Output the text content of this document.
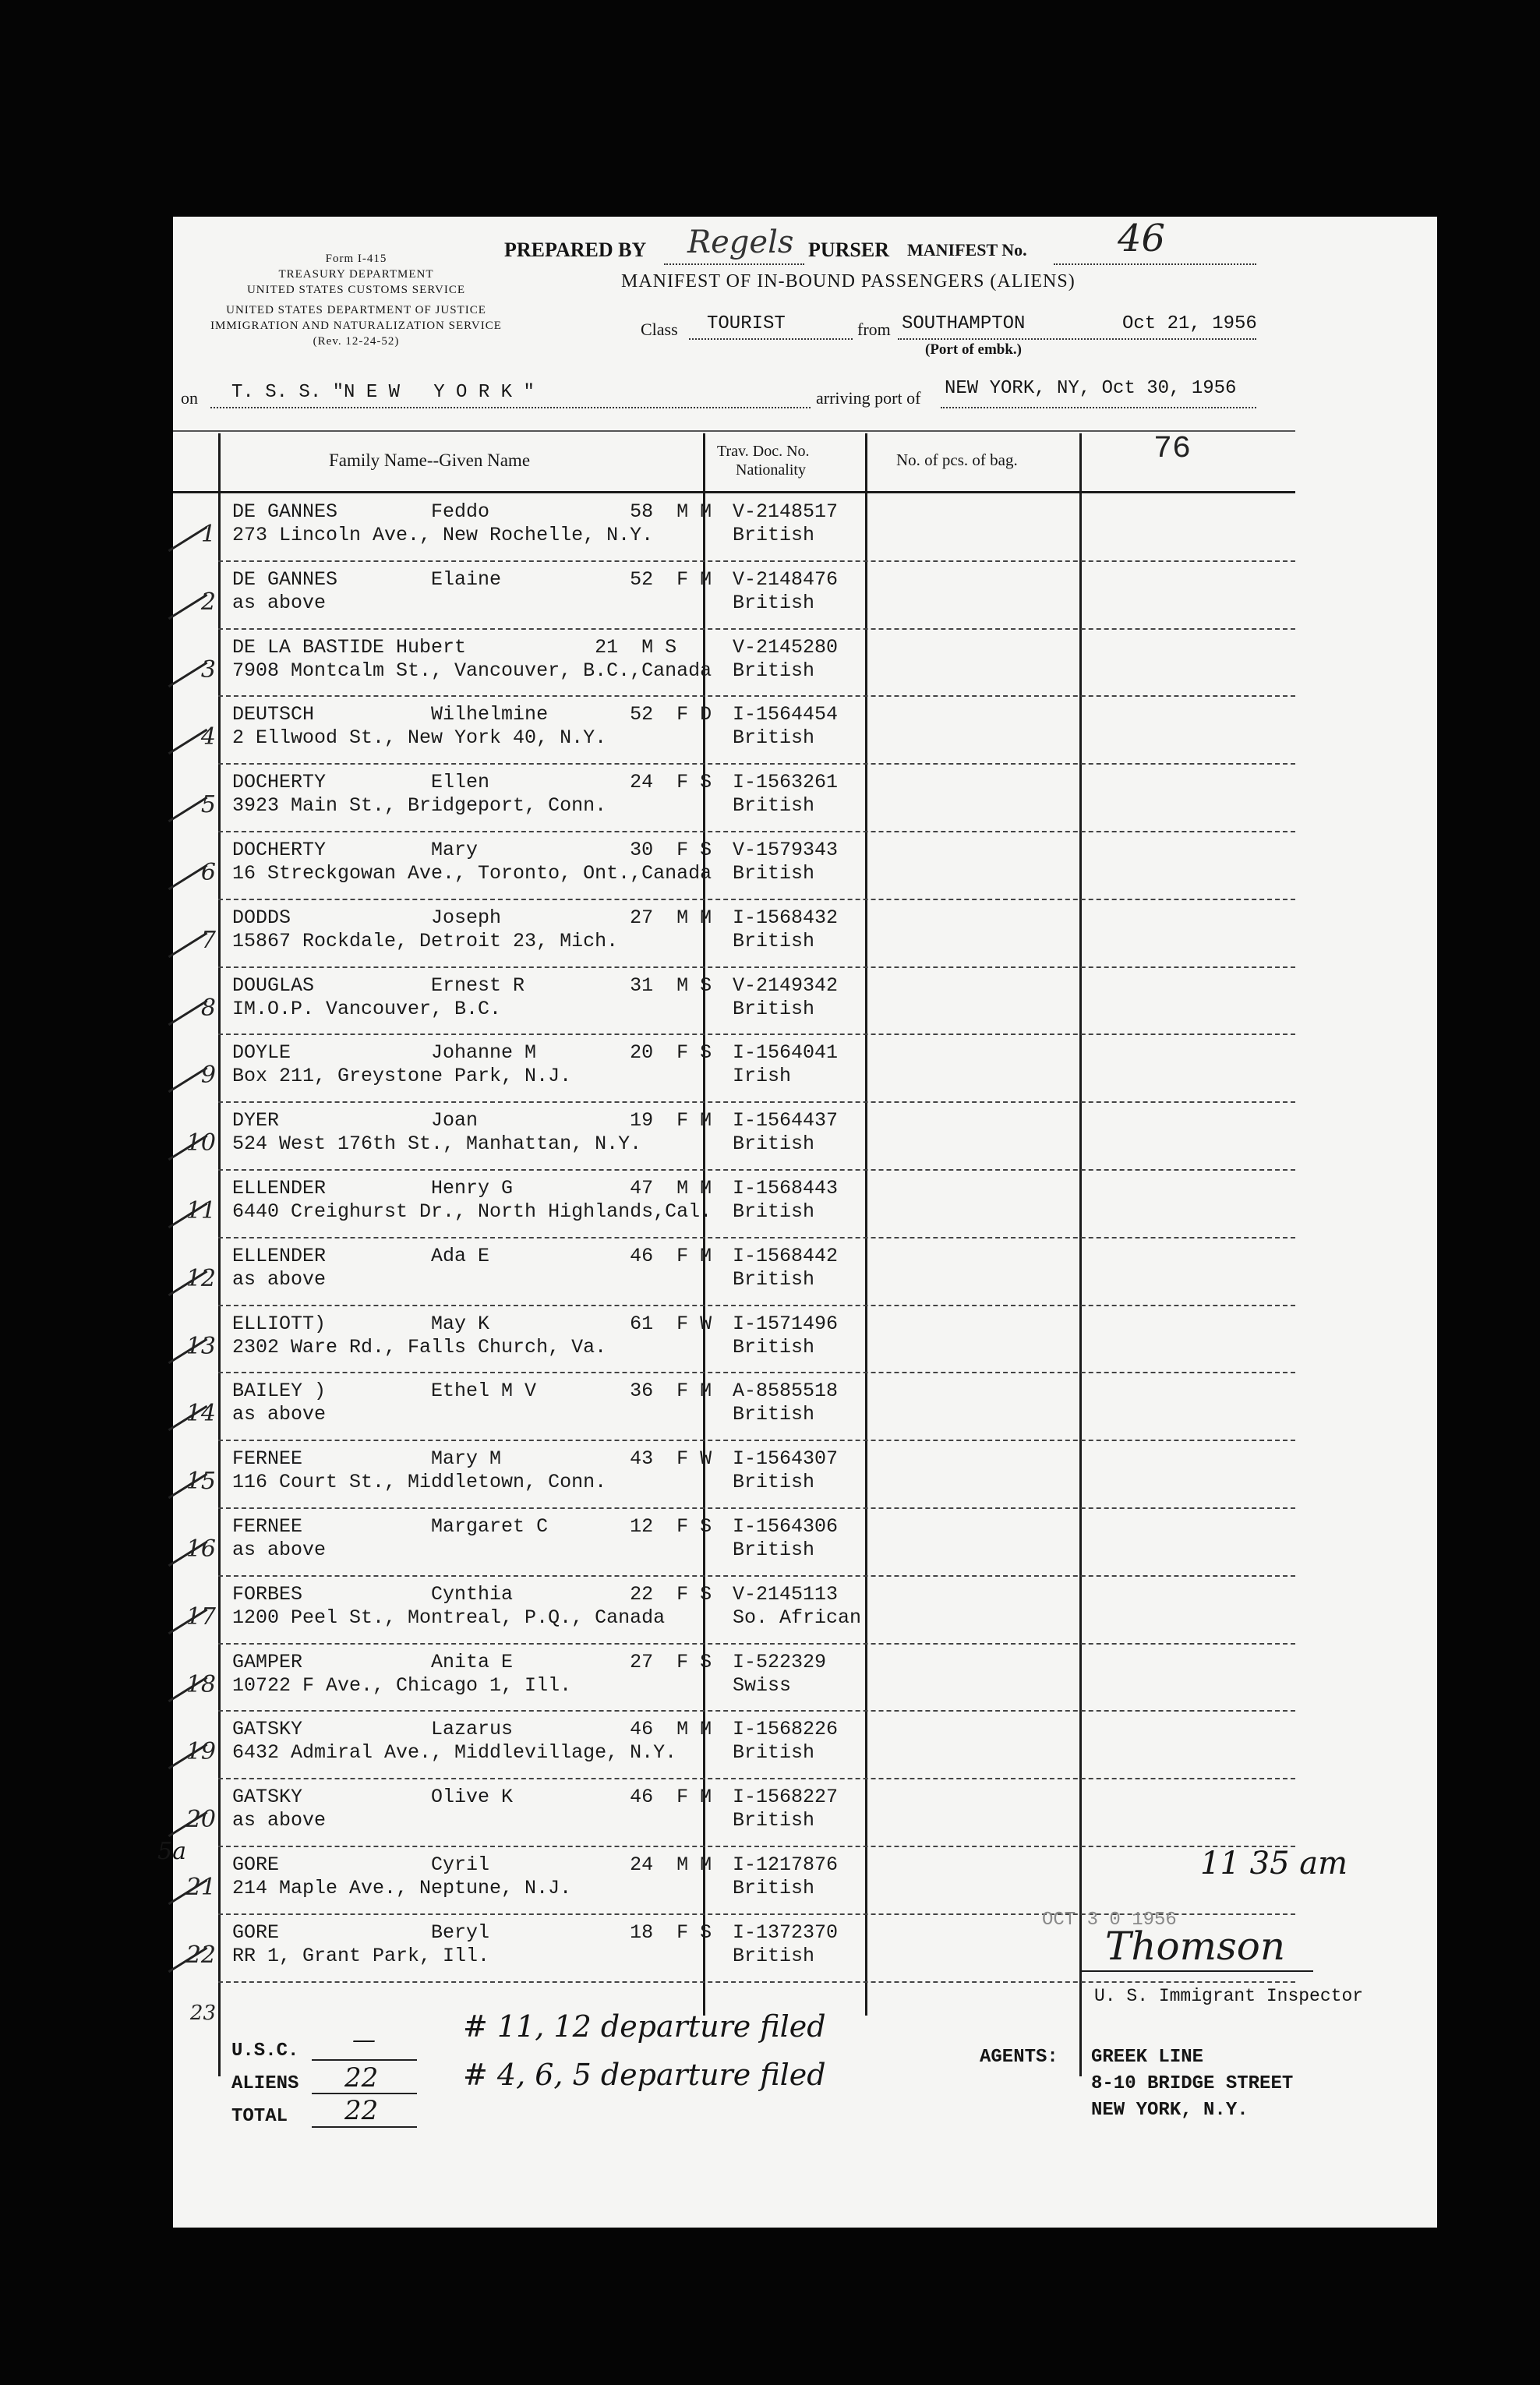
Form I-415
TREASURY DEPARTMENT
UNITED STATES CUSTOMS SERVICE
UNITED STATES DEPARTMENT OF JUSTICE
IMMIGRATION AND NATURALIZATION SERVICE
(Rev. 12-24-52)
PREPARED BY Regels PURSER MANIFEST No. 46
MANIFEST OF IN-BOUND PASSENGERS (ALIENS)
Class TOURIST	from SOUTHAMPTON	Oct 21, 1956
(Port of embk.)
on T. S. S. "N E W   Y O R K "	arriving port of NEW YORK, NY, Oct 30, 1956
Family Name--Given Name	Trav. Doc. No.
Nationality
No. of pcs. of bag.	76
1
DE GANNES        Feddo            58  M M
273 Lincoln Ave., New Rochelle, N.Y.
V-2148517
British
2
DE GANNES        Elaine           52  F M
as above
V-2148476
British
3
DE LA BASTIDE Hubert           21  M S
7908 Montcalm St., Vancouver, B.C.,Canada
V-2145280
British
4
DEUTSCH          Wilhelmine       52  F D
2 Ellwood St., New York 40, N.Y.
I-1564454
British
5
DOCHERTY         Ellen            24  F S
3923 Main St., Bridgeport, Conn.
I-1563261
British
6
DOCHERTY         Mary             30  F S
16 Streckgowan Ave., Toronto, Ont.,Canada
V-1579343
British
7
DODDS            Joseph           27  M M
15867 Rockdale, Detroit 23, Mich.
I-1568432
British
8
DOUGLAS          Ernest R         31  M S
IM.O.P. Vancouver, B.C.
V-2149342
British
9
DOYLE            Johanne M        20  F S
Box 211, Greystone Park, N.J.
I-1564041
Irish
10
DYER             Joan             19  F M
524 West 176th St., Manhattan, N.Y.
I-1564437
British
11
ELLENDER         Henry G          47  M M
6440 Creighurst Dr., North Highlands,Cal.
I-1568443
British
12
ELLENDER         Ada E            46  F M
as above
I-1568442
British
13
ELLIOTT)         May K            61  F W
2302 Ware Rd., Falls Church, Va.
I-1571496
British
14
BAILEY )         Ethel M V        36  F M
as above
A-8585518
British
15
FERNEE           Mary M           43  F W
116 Court St., Middletown, Conn.
I-1564307
British
16
FERNEE           Margaret C       12  F S
as above
I-1564306
British
17
FORBES           Cynthia          22  F S
1200 Peel St., Montreal, P.Q., Canada
V-2145113
So. African
18
GAMPER           Anita E          27  F S
10722 F Ave., Chicago 1, Ill.
I-522329
Swiss
19
GATSKY           Lazarus          46  M M
6432 Admiral Ave., Middlevillage, N.Y.
I-1568226
British
20
GATSKY           Olive K          46  F M
as above
I-1568227
British
21
GORE             Cyril            24  M M
214 Maple Ave., Neptune, N.J.
I-1217876
British
22
GORE             Beryl            18  F S
RR 1, Grant Park, Ill.
I-1372370
British
23
5a	11 35 am
OCT 3 0 1956
Thomson
U. S. Immigrant Inspector
# 11, 12 departure filed
# 4, 6, 5 departure filed
U.S.C. —
ALIENS 22
TOTAL 22
AGENTS: GREEK LINE
8-10 BRIDGE STREET
NEW YORK, N.Y.
